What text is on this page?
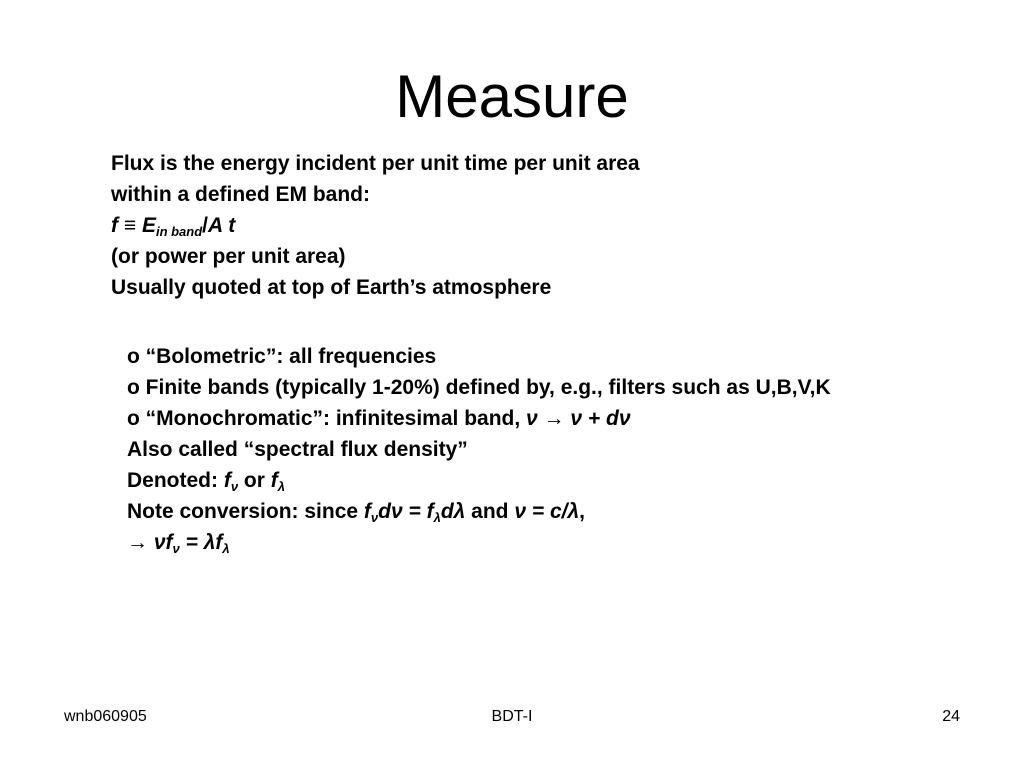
Measure
Flux is the energy incident per unit time per unit area
within a defined EM band:
$f \equiv E_{in band}/A$ t
(or power per unit area)
Usually quoted at top of Earth’s atmosphere
o “Bolometric”: all frequencies
o Finite bands (typically 1-20%) defined by, e.g., filters such as U,B,V,K
o “Monochromatic”: infinitesimal band, ν → ν + dν
Also called “spectral flux density”
Denoted: $f_\nu$ or $f_\lambda$
Note conversion: since $f_\nu d\nu = f_\lambda d\lambda$ and ν = c/λ,
→ $\nu f_\nu = \lambda f_\lambda$
wnb060905	BDT-I	24
